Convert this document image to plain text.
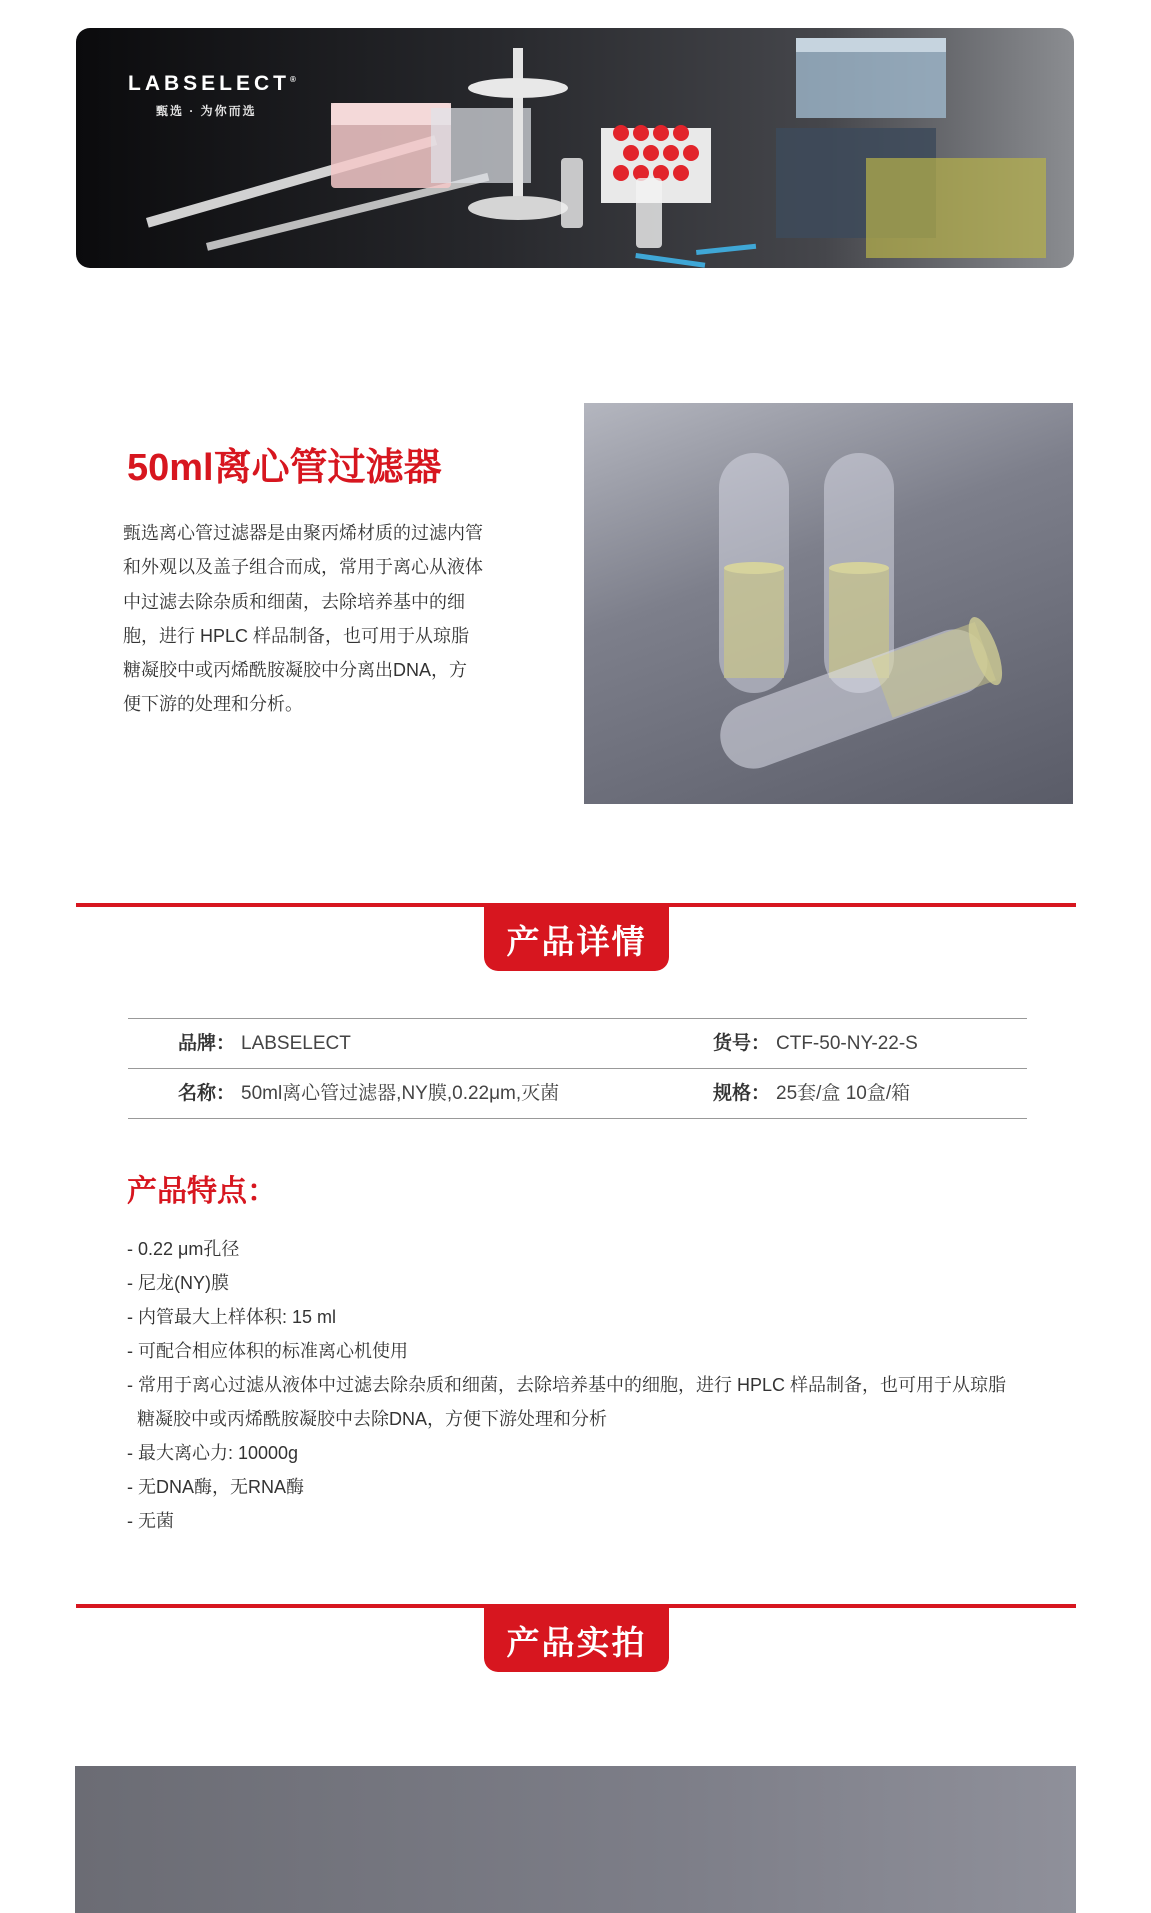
LABSELECT®
甄选 · 为你而选
50ml离心管过滤器

甄选离心管过滤器是由聚丙烯材质的过滤内管和外观以及盖子组合而成，常用于离心从液体中过滤去除杂质和细菌，去除培养基中的细胞，进行 HPLC 样品制备，也可用于从琼脂糖凝胶中或丙烯酰胺凝胶中分离出DNA，方便下游的处理和分析。

产品详情
品牌： LABSELECT	货号： CTF-50-NY-22-S
名称： 50ml离心管过滤器,NY膜,0.22μm,灭菌	规格： 25套/盒 10盒/箱
产品特点：
- 0.22 μm孔径
- 尼龙(NY)膜
- 内管最大上样体积: 15 ml
- 可配合相应体积的标准离心机使用
- 常用于离心过滤从液体中过滤去除杂质和细菌，去除培养基中的细胞，进行 HPLC 样品制备，也可用于从琼脂糖凝胶中或丙烯酰胺凝胶中去除DNA，方便下游处理和分析
- 最大离心力: 10000g
- 无DNA酶，无RNA酶
- 无菌
产品实拍
